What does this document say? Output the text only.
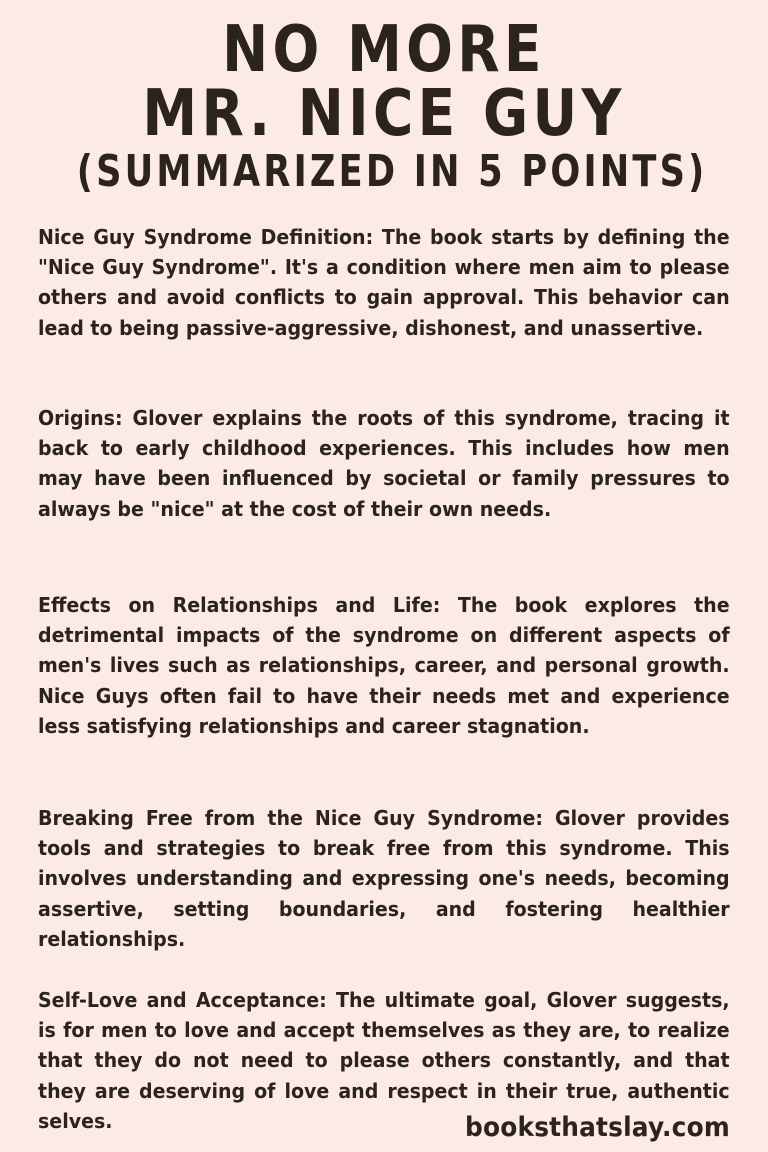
NO MORE
MR. NICE GUY
(SUMMARIZED IN 5 POINTS)
Nice Guy Syndrome Definition: The book starts by defining the "Nice Guy Syndrome". It's a condition where men aim to please others and avoid conflicts to gain approval. This behavior can lead to being passive-aggressive, dishonest, and unassertive.
Origins: Glover explains the roots of this syndrome, tracing it back to early childhood experiences. This includes how men may have been influenced by societal or family pressures to always be "nice" at the cost of their own needs.
Effects on Relationships and Life: The book explores the detrimental impacts of the syndrome on different aspects of men's lives such as relationships, career, and personal growth. Nice Guys often fail to have their needs met and experience less satisfying relationships and career stagnation.
Breaking Free from the Nice Guy Syndrome: Glover provides tools and strategies to break free from this syndrome. This involves understanding and expressing one's needs, becoming assertive, setting boundaries, and fostering healthier relationships.
Self-Love and Acceptance: The ultimate goal, Glover suggests, is for men to love and accept themselves as they are, to realize that they do not need to please others constantly, and that they are deserving of love and respect in their true, authentic selves.	booksthatslay.com
